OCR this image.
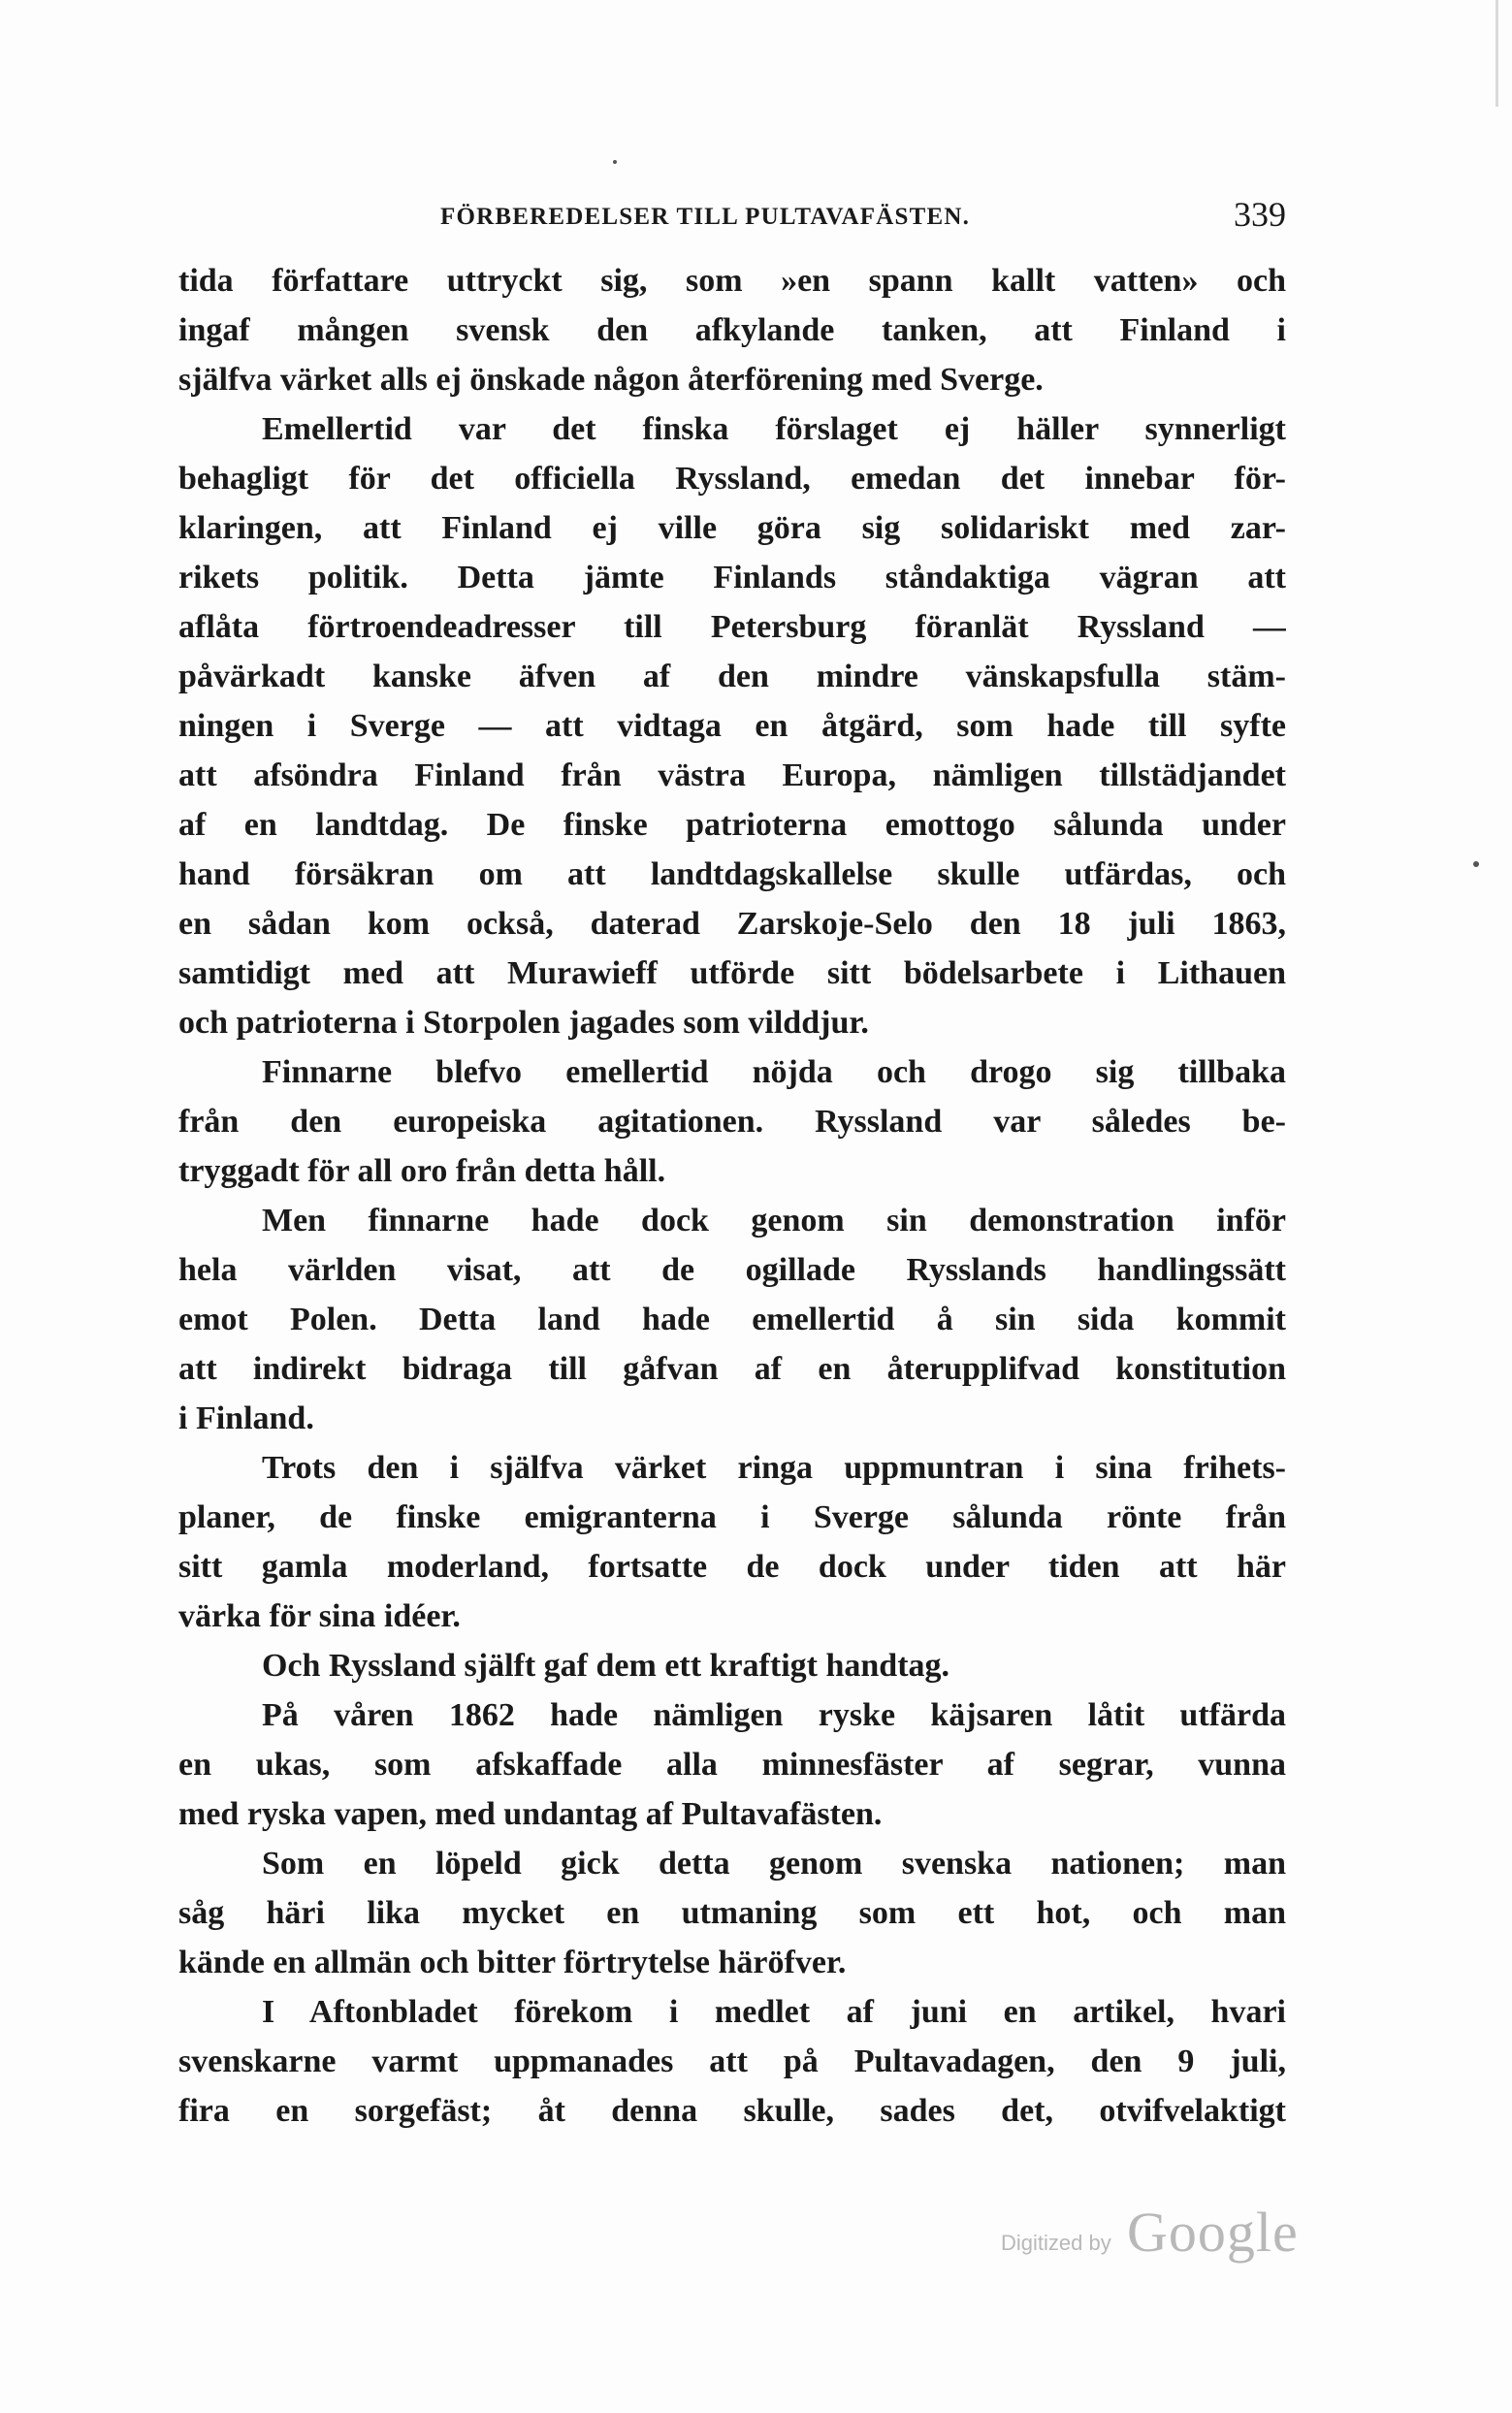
FÖRBEREDELSER TILL PULTAVAFÄSTEN.	339
tida författare uttryckt sig, som »en spann kallt vatten» och
ingaf mången svensk den afkylande tanken, att Finland i
själfva värket alls ej önskade någon återförening med Sverge.
Emellertid var det finska förslaget ej häller synnerligt
behagligt för det officiella Ryssland, emedan det innebar för-
klaringen, att Finland ej ville göra sig solidariskt med zar-
rikets politik. Detta jämte Finlands ståndaktiga vägran att
aflåta förtroendeadresser till Petersburg föranlät Ryssland —
påvärkadt kanske äfven af den mindre vänskapsfulla stäm-
ningen i Sverge — att vidtaga en åtgärd, som hade till syfte
att afsöndra Finland från västra Europa, nämligen tillstädjandet
af en landtdag. De finske patrioterna emottogo sålunda under
hand försäkran om att landtdagskallelse skulle utfärdas, och
en sådan kom också, daterad Zarskoje-Selo den 18 juli 1863,
samtidigt med att Murawieff utförde sitt bödelsarbete i Lithauen
och patrioterna i Storpolen jagades som vilddjur.
Finnarne blefvo emellertid nöjda och drogo sig tillbaka
från den europeiska agitationen. Ryssland var således be-
tryggadt för all oro från detta håll.
Men finnarne hade dock genom sin demonstration inför
hela världen visat, att de ogillade Rysslands handlingssätt
emot Polen. Detta land hade emellertid å sin sida kommit
att indirekt bidraga till gåfvan af en återupplifvad konstitution
i Finland.
Trots den i själfva värket ringa uppmuntran i sina frihets-
planer, de finske emigranterna i Sverge sålunda rönte från
sitt gamla moderland, fortsatte de dock under tiden att här
värka för sina idéer.
Och Ryssland själft gaf dem ett kraftigt handtag.
På våren 1862 hade nämligen ryske käjsaren låtit utfärda
en ukas, som afskaffade alla minnesfäster af segrar, vunna
med ryska vapen, med undantag af Pultavafästen.
Som en löpeld gick detta genom svenska nationen; man
såg häri lika mycket en utmaning som ett hot, och man
kände en allmän och bitter förtrytelse häröfver.
I Aftonbladet förekom i medlet af juni en artikel, hvari
svenskarne varmt uppmanades att på Pultavadagen, den 9 juli,
fira en sorgefäst; åt denna skulle, sades det, otvifvelaktigt
Digitized by Google
